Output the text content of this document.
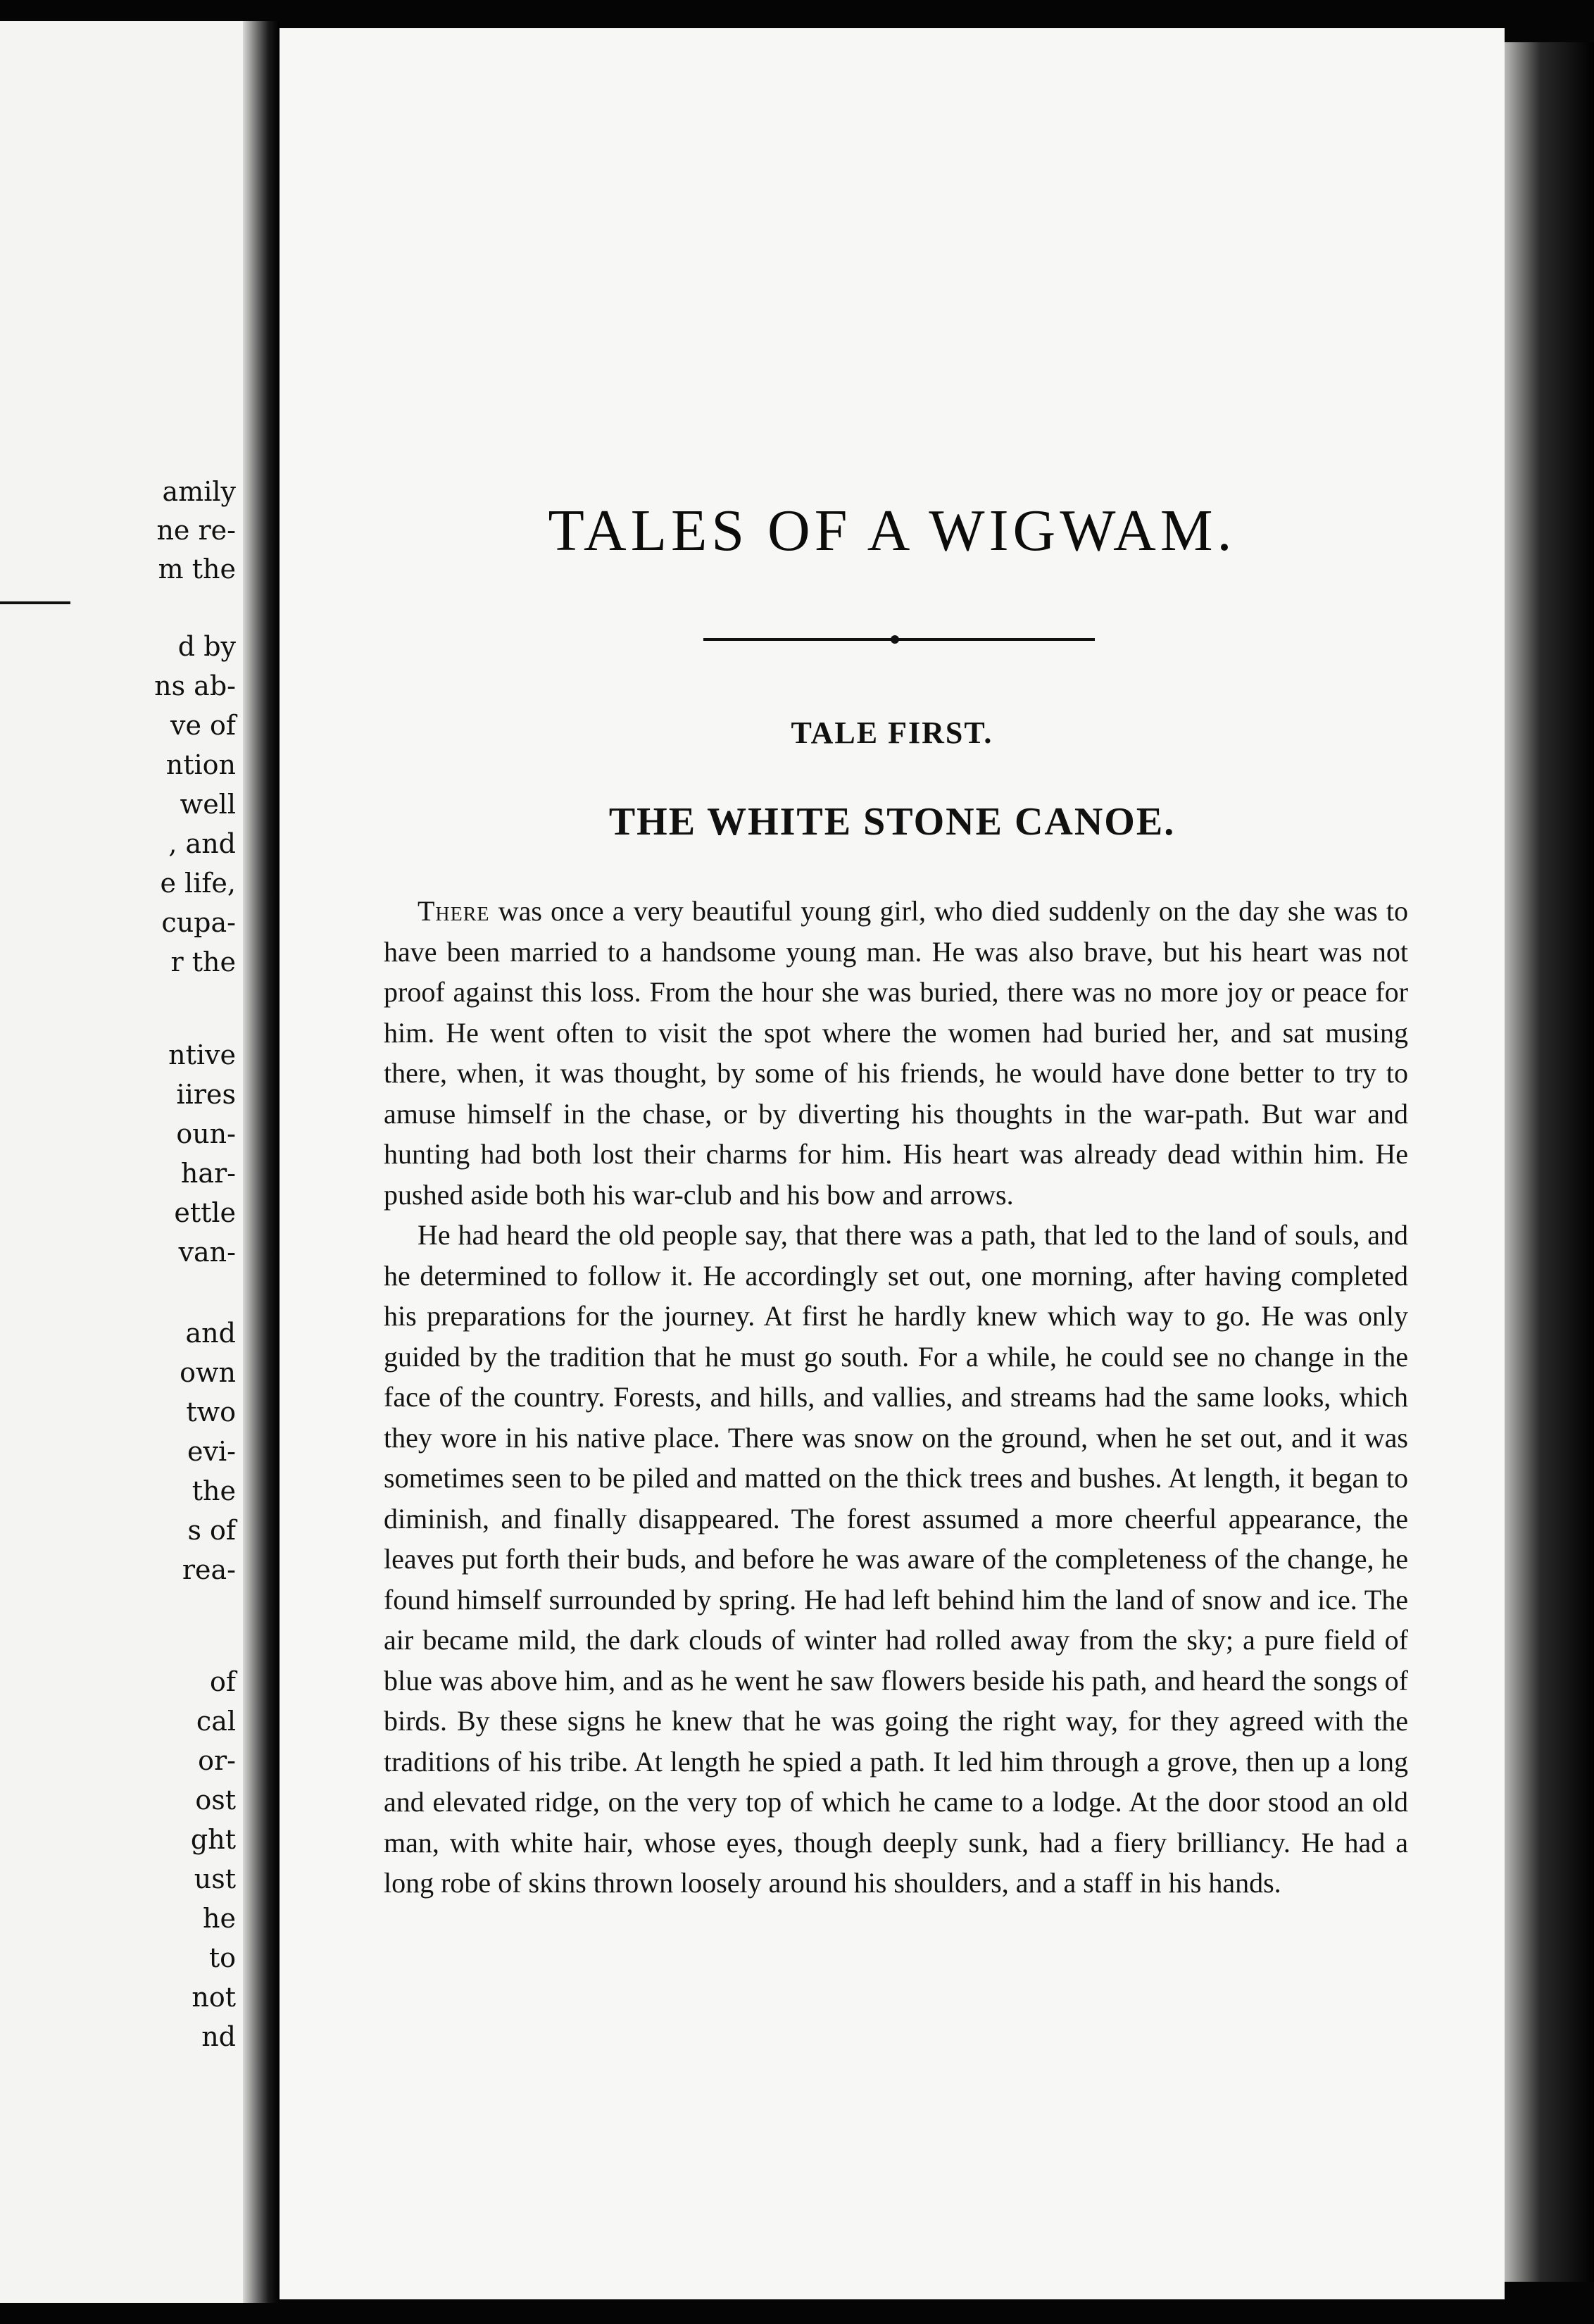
amily
ne re-
m the
d by
ns ab-
ve of
ntion
well
, and
e life,
cupa-
r the
ntive
iires
oun-
har-
ettle
van-
and
own
two
evi-
the
s of
rea-
of
cal
or-
ost
ght
ust
he
to
not
nd
TALES OF A WIGWAM.
TALE FIRST.
THE WHITE STONE CANOE.

There was once a very beautiful young girl, who died suddenly on the day she was to have been married to a handsome young man. He was also brave, but his heart was not proof against this loss. From the hour she was buried, there was no more joy or peace for him. He went often to visit the spot where the women had buried her, and sat musing there, when, it was thought, by some of his friends, he would have done better to try to amuse himself in the chase, or by diverting his thoughts in the war-path. But war and hunting had both lost their charms for him. His heart was already dead within him. He pushed aside both his war-club and his bow and arrows.

He had heard the old people say, that there was a path, that led to the land of souls, and he determined to follow it. He accordingly set out, one morning, after having completed his preparations for the journey. At first he hardly knew which way to go. He was only guided by the tradition that he must go south. For a while, he could see no change in the face of the country. Forests, and hills, and vallies, and streams had the same looks, which they wore in his native place. There was snow on the ground, when he set out, and it was sometimes seen to be piled and matted on the thick trees and bushes. At length, it began to diminish, and finally disappeared. The forest assumed a more cheerful appearance, the leaves put forth their buds, and before he was aware of the completeness of the change, he found himself surrounded by spring. He had left behind him the land of snow and ice. The air became mild, the dark clouds of winter had rolled away from the sky; a pure field of blue was above him, and as he went he saw flowers beside his path, and heard the songs of birds. By these signs he knew that he was going the right way, for they agreed with the traditions of his tribe. At length he spied a path. It led him through a grove, then up a long and elevated ridge, on the very top of which he came to a lodge. At the door stood an old man, with white hair, whose eyes, though deeply sunk, had a fiery brilliancy. He had a long robe of skins thrown loosely around his shoulders, and a staff in his hands.
